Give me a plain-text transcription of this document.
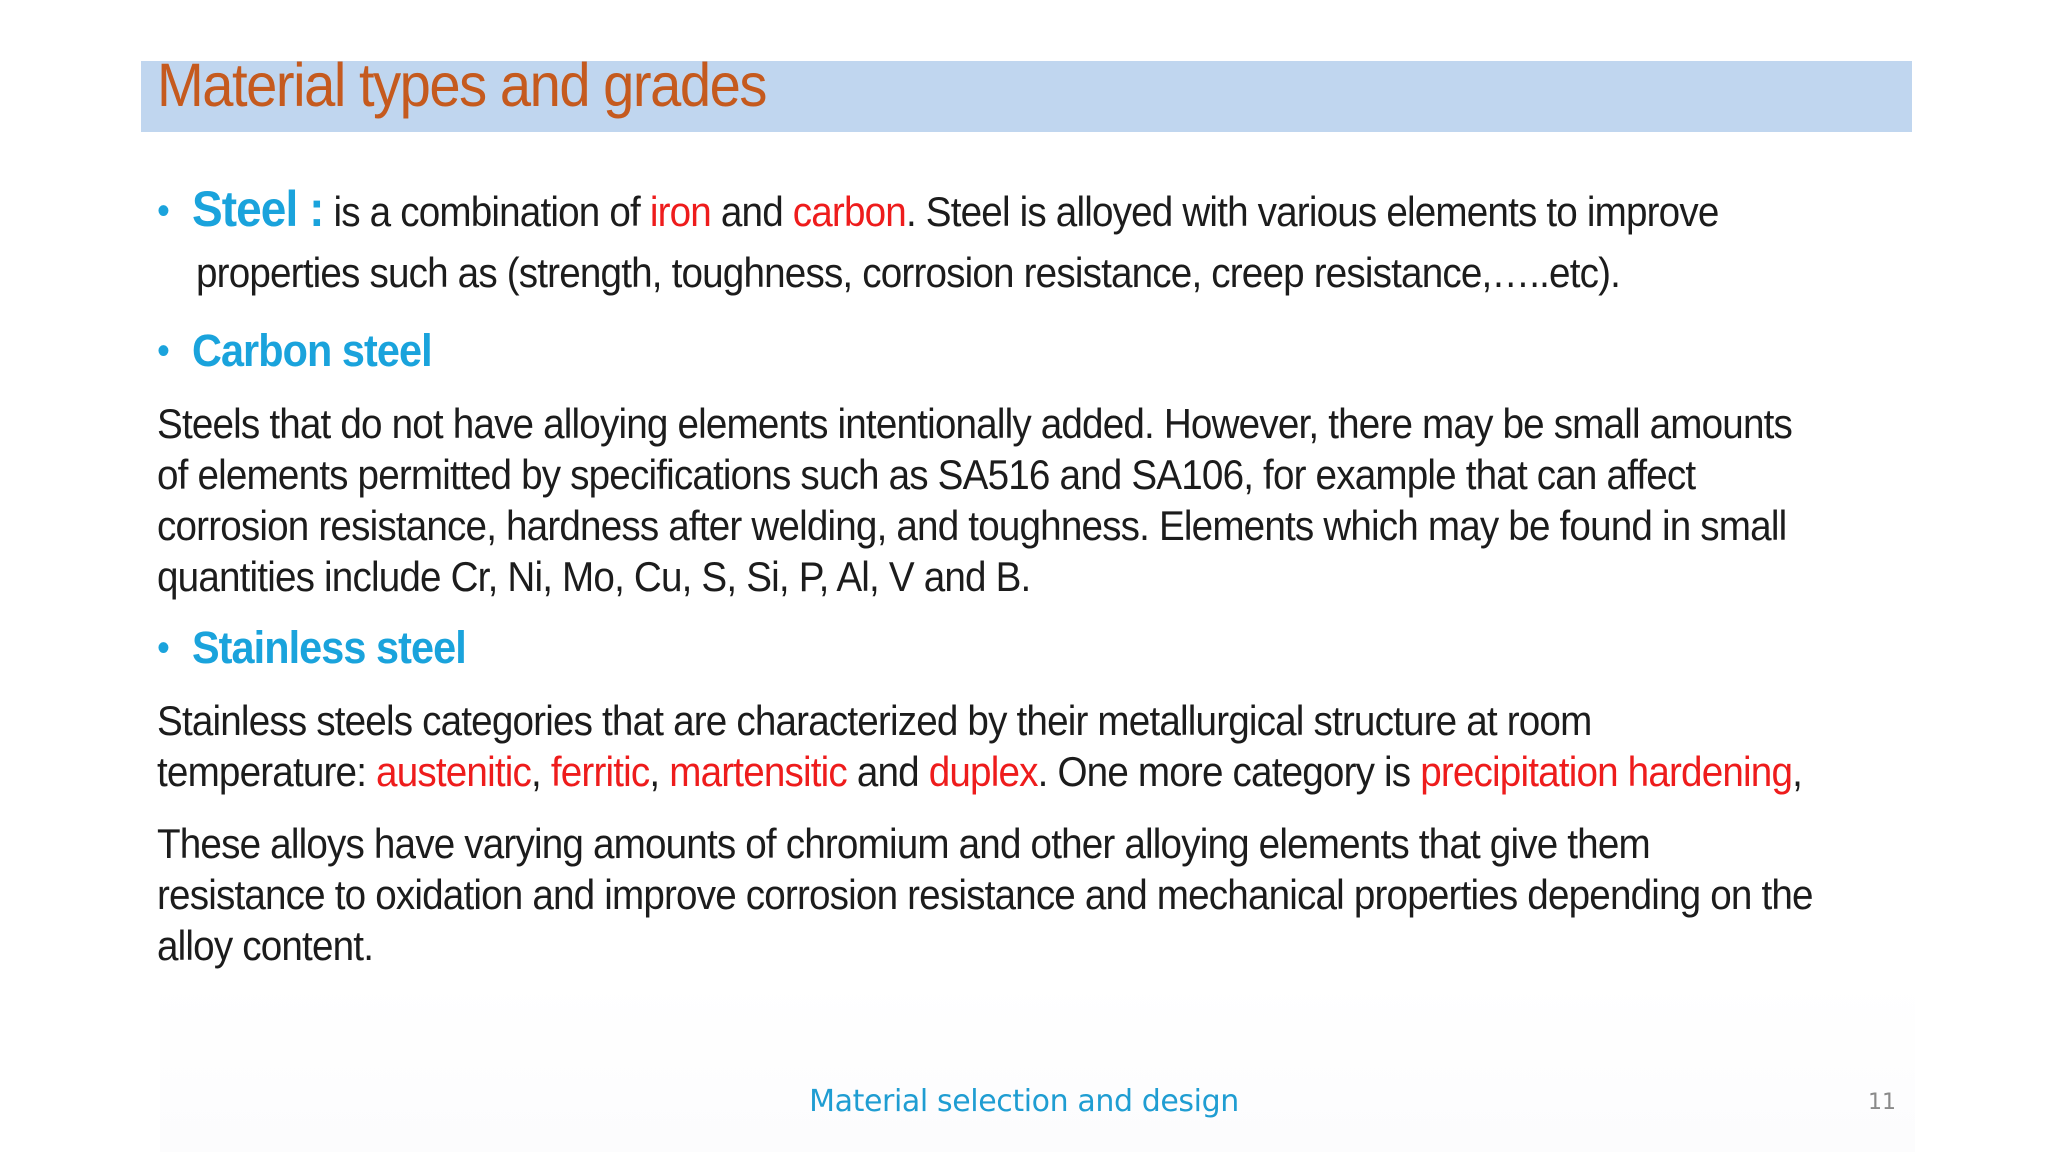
Material types and grades
• Steel : is a combination of iron and carbon. Steel is alloyed with various elements to improve
properties such as (strength, toughness, corrosion resistance, creep resistance,…..etc).
• Carbon steel
Steels that do not have alloying elements intentionally added. However, there may be small amounts
of elements permitted by specifications such as SA516 and SA106, for example that can affect
corrosion resistance, hardness after welding, and toughness. Elements which may be found in small
quantities include Cr, Ni, Mo, Cu, S, Si, P, Al, V and B.
• Stainless steel
Stainless steels categories that are characterized by their metallurgical structure at room
temperature: austenitic, ferritic, martensitic and duplex. One more category is precipitation hardening,
These alloys have varying amounts of chromium and other alloying elements that give them
resistance to oxidation and improve corrosion resistance and mechanical properties depending on the
alloy content.
Material selection and design	11
